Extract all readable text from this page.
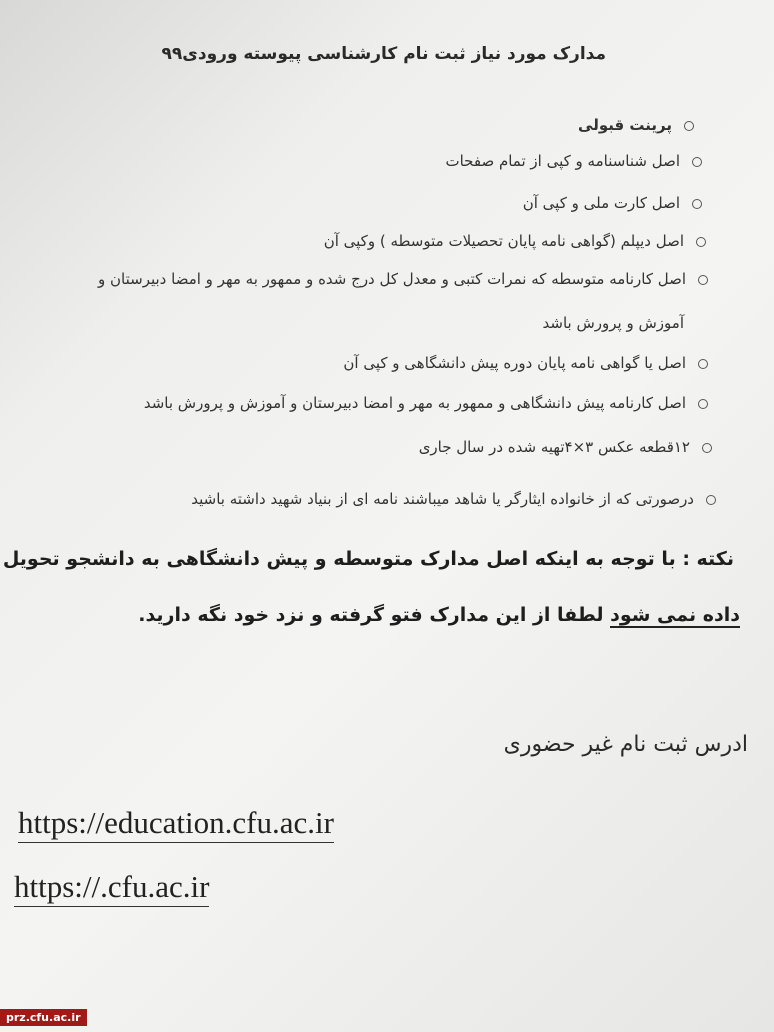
مدارک مورد نیاز ثبت نام کارشناسی پیوسته ورودی۹۹
پرینت قبولی
اصل شناسنامه و کپی از تمام صفحات
اصل کارت ملی و کپی آن
اصل دیپلم (گواهی نامه پایان تحصیلات متوسطه ) وکپی آن
اصل کارنامه متوسطه که نمرات کتبی و معدل کل درج شده و ممهور به مهر و امضا دبیرستان و
آموزش و پرورش باشد
اصل یا گواهی نامه پایان دوره پیش دانشگاهی و کپی آن
اصل کارنامه پیش دانشگاهی و ممهور به مهر و امضا دبیرستان و آموزش و پرورش باشد
۱۲قطعه عکس ۳×۴تهیه شده در سال جاری
درصورتی که از خانواده ایثارگر یا شاهد میباشند نامه ای از بنیاد شهید داشته باشید
نکته : با توجه به اینکه اصل مدارک متوسطه و پیش دانشگاهی به دانشجو تحویل
داده نمی شود لطفا از این مدارک فتو گرفته و نزد خود نگه دارید.
ادرس ثبت نام غیر حضوری
https://education.cfu.ac.ir
https://.cfu.ac.ir
prz.cfu.ac.ir
